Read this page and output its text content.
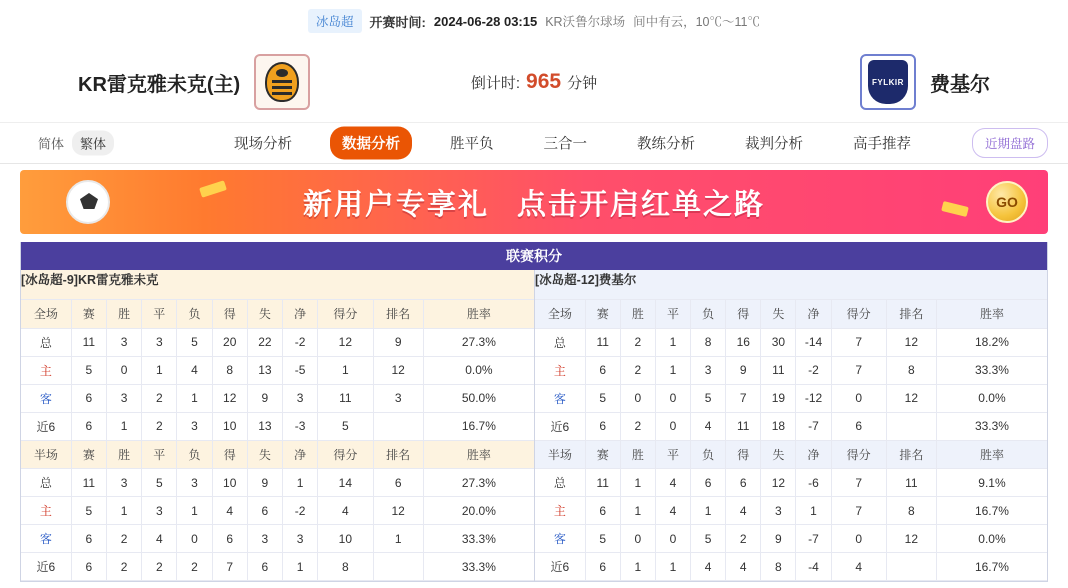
冰岛超	开赛时间: 2024-06-28 03:15 KR沃鲁尔球场 间中有云，10℃～11℃
倒计时: 965 分钟
KR雷克雅未克(主)	FYLKIR 费基尔
简体	繁体	现场分析	数据分析	胜平负	三合一	教练分析	裁判分析	高手推荐	近期盘路
新用户专享礼 点击开启红单之路	GO
联赛积分
[冰岛超-9]KR雷克雅未克
全场	赛	胜	平	负	得	失	净	得分	排名	胜率
总	11	3	3	5	20	22	-2	12	9	27.3%
主	5	0	1	4	8	13	-5	1	12	0.0%
客	6	3	2	1	12	9	3	11	3	50.0%
近6	6	1	2	3	10	13	-3	5		16.7%
半场	赛	胜	平	负	得	失	净	得分	排名	胜率
总	11	3	5	3	10	9	1	14	6	27.3%
主	5	1	3	1	4	6	-2	4	12	20.0%
客	6	2	4	0	6	3	3	10	1	33.3%
近6	6	2	2	2	7	6	1	8		33.3%
[冰岛超-12]费基尔
全场	赛	胜	平	负	得	失	净	得分	排名	胜率
总	11	2	1	8	16	30	-14	7	12	18.2%
主	6	2	1	3	9	11	-2	7	8	33.3%
客	5	0	0	5	7	19	-12	0	12	0.0%
近6	6	2	0	4	11	18	-7	6		33.3%
半场	赛	胜	平	负	得	失	净	得分	排名	胜率
总	11	1	4	6	6	12	-6	7	11	9.1%
主	6	1	4	1	4	3	1	7	8	16.7%
客	5	0	0	5	2	9	-7	0	12	0.0%
近6	6	1	1	4	4	8	-4	4		16.7%
